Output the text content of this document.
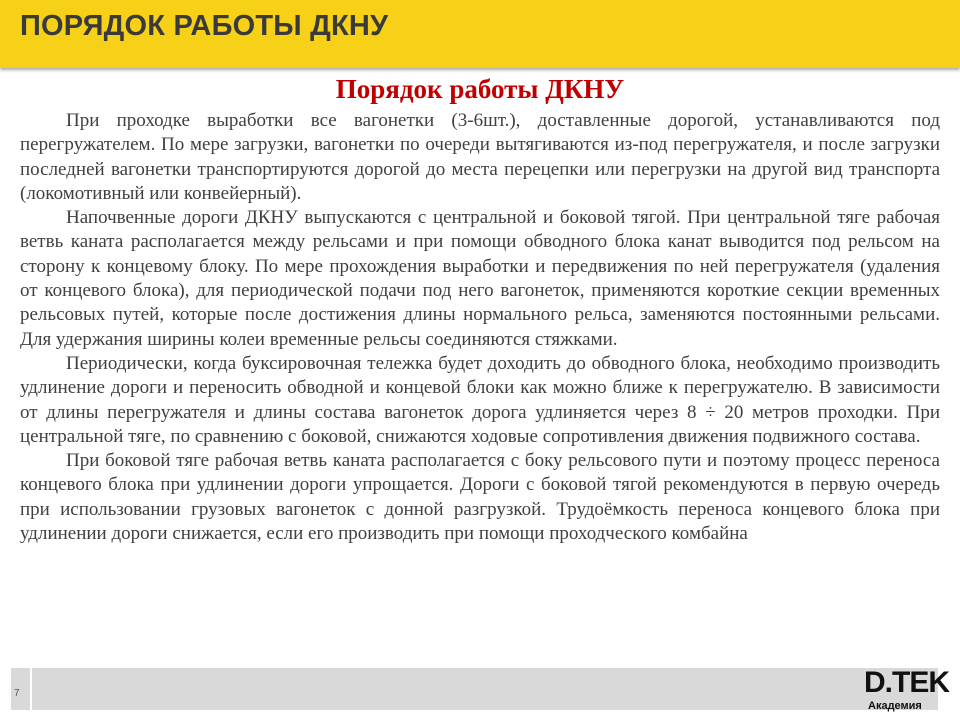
ПОРЯДОК РАБОТЫ ДКНУ
Порядок работы ДКНУ

При проходке выработки все вагонетки (3-6шт.), доставленные дорогой, устанавливаются под перегружателем. По мере загрузки, вагонетки по очереди вытягиваются из-под перегружателя, и после загрузки последней вагонетки транспортируются дорогой до места перецепки или перегрузки на другой вид транспорта (локомотивный или конвейерный).

Напочвенные дороги ДКНУ выпускаются с центральной и боковой тягой. При центральной тяге рабочая ветвь каната располагается между рельсами и при помощи обводного блока канат выводится под рельсом на сторону к концевому блоку. По мере прохождения выработки и передвижения по ней перегружателя (удаления от концевого блока), для периодической подачи под него вагонеток, применяются короткие секции временных рельсовых путей, которые после достижения длины нормального рельса, заменяются постоянными рельсами. Для удержания ширины колеи временные рельсы соединяются стяжками.

Периодически, когда буксировочная тележка будет доходить до обводного блока, необходимо производить удлинение дороги и переносить обводной и концевой блоки как можно ближе к перегружателю. В зависимости от длины перегружателя и длины состава вагонеток дорога удлиняется через 8 ÷ 20 метров проходки. При центральной тяге, по сравнению с боковой, снижаются ходовые сопротивления движения подвижного состава.

При боковой тяге рабочая ветвь каната располагается с боку рельсового пути и поэтому процесс переноса концевого блока при удлинении дороги упрощается. Дороги с боковой тягой рекомендуются в первую очередь при использовании грузовых вагонеток с донной разгрузкой. Трудоёмкость переноса концевого блока при удлинении дороги снижается, если его производить при помощи проходческого комбайна

7	D.TEK
Академия
